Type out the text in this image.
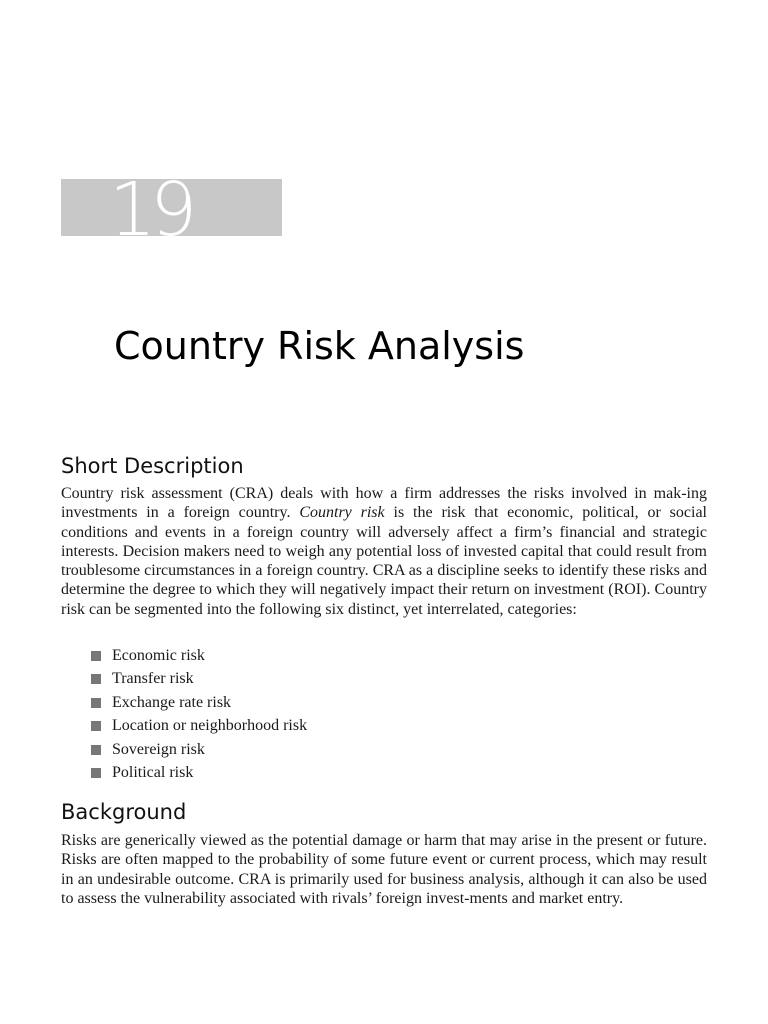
19
Country Risk Analysis
Short Description

Country risk assessment (CRA) deals with how a firm addresses the risks involved in mak-ing investments in a foreign country. Country risk is the risk that economic, political, or social conditions and events in a foreign country will adversely affect a firm’s financial and strategic interests. Decision makers need to weigh any potential loss of invested capital that could result from troublesome circumstances in a foreign country. CRA as a discipline seeks to identify these risks and determine the degree to which they will negatively impact their return on investment (ROI). Country risk can be segmented into the following six distinct, yet interrelated, categories:

Economic risk
Transfer risk
Exchange rate risk
Location or neighborhood risk
Sovereign risk
Political risk
Background

Risks are generically viewed as the potential damage or harm that may arise in the present or future. Risks are often mapped to the probability of some future event or current process, which may result in an undesirable outcome. CRA is primarily used for business analysis, although it can also be used to assess the vulnerability associated with rivals’ foreign invest-ments and market entry.
